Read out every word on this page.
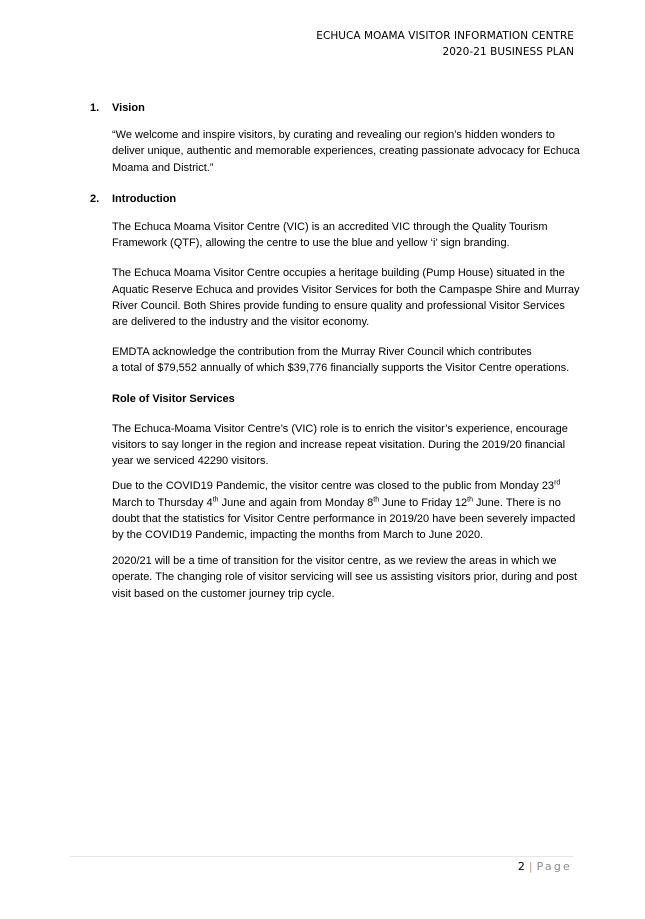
ECHUCA MOAMA VISITOR INFORMATION CENTRE
2020-21 BUSINESS PLAN
1.	Vision

“We welcome and inspire visitors, by curating and revealing our region’s hidden wonders to deliver unique, authentic and memorable experiences, creating passionate advocacy for Echuca Moama and District.”

2.	Introduction

The Echuca Moama Visitor Centre (VIC) is an accredited VIC through the Quality Tourism Framework (QTF), allowing the centre to use the blue and yellow ‘i’ sign branding.

The Echuca Moama Visitor Centre occupies a heritage building (Pump House) situated in the Aquatic Reserve Echuca and provides Visitor Services for both the Campaspe Shire and Murray River Council. Both Shires provide funding to ensure quality and professional Visitor Services are delivered to the industry and the visitor economy.

EMDTA acknowledge the contribution from the Murray River Council which contributes
a total of $79,552 annually of which $39,776 financially supports the Visitor Centre operations.

Role of Visitor Services

The Echuca-Moama Visitor Centre’s (VIC) role is to enrich the visitor’s experience, encourage visitors to say longer in the region and increase repeat visitation. During the 2019/20 financial year we serviced 42290 visitors.

Due to the COVID19 Pandemic, the visitor centre was closed to the public from Monday 23rd March to Thursday 4th June and again from Monday 8th June to Friday 12th June. There is no doubt that the statistics for Visitor Centre performance in 2019/20 have been severely impacted by the COVID19 Pandemic, impacting the months from March to June 2020.

2020/21 will be a time of transition for the visitor centre, as we review the areas in which we operate. The changing role of visitor servicing will see us assisting visitors prior, during and post visit based on the customer journey trip cycle.

2 | Page
